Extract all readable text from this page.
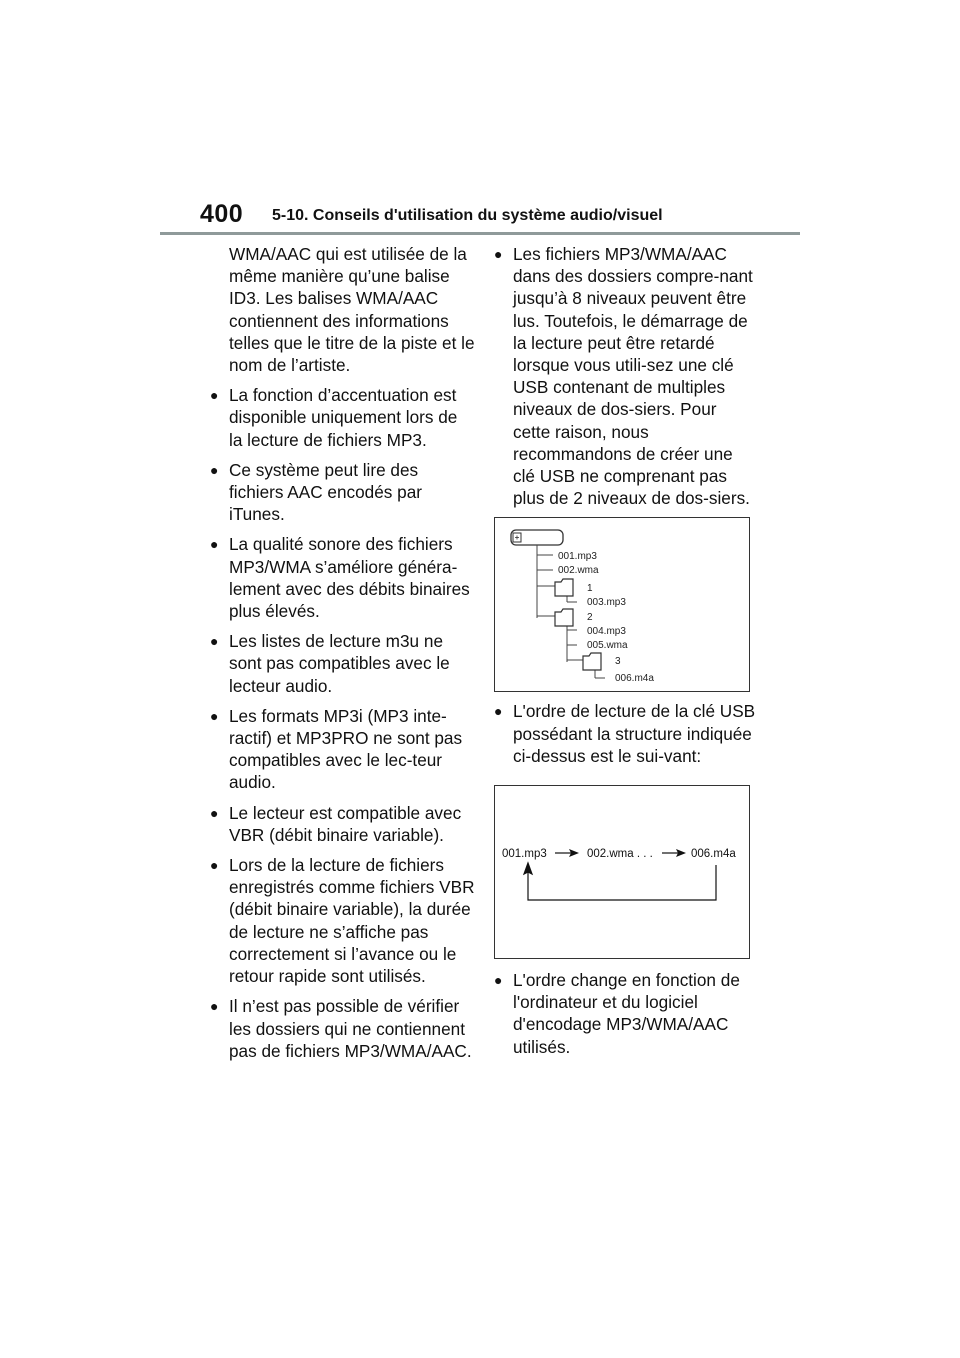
400 5-10. Conseils d'utilisation du système audio/visuel

WMA/AAC qui est utilisée de la même manière qu’une balise ID3. Les balises WMA/AAC contiennent des informations telles que le titre de la piste et le nom de l’artiste.

● La fonction d’accentuation est disponible uniquement lors de la lecture de fichiers MP3.
● Ce système peut lire des fichiers AAC encodés par iTunes.
● La qualité sonore des fichiers MP3/WMA s’améliore généra-lement avec des débits binaires plus élevés.
● Les listes de lecture m3u ne sont pas compatibles avec le lecteur audio.
● Les formats MP3i (MP3 inte-ractif) et MP3PRO ne sont pas compatibles avec le lec-teur audio.
● Le lecteur est compatible avec VBR (débit binaire variable).
● Lors de la lecture de fichiers enregistrés comme fichiers VBR (débit binaire variable), la durée de lecture ne s’affiche pas correctement si l’avance ou le retour rapide sont utilisés.
● Il n’est pas possible de vérifier les dossiers qui ne contiennent pas de fichiers MP3/WMA/AAC.
● Les fichiers MP3/WMA/AAC dans des dossiers compre-nant jusqu’à 8 niveaux peuvent être lus. Toutefois, le démarrage de la lecture peut être retardé lorsque vous utili-sez une clé USB contenant de multiples niveaux de dos-siers. Pour cette raison, nous recommandons de créer une clé USB ne comprenant pas plus de 2 niveaux de dos-siers.
001.mp3
002.wma
1
003.mp3
2
004.mp3
005.wma
3
006.m4a
● L'ordre de lecture de la clé USB possédant la structure indiquée ci-dessus est le sui-vant:
001.mp3	002.wma . . .	006.m4a
● L'ordre change en fonction de l'ordinateur et du logiciel d'encodage MP3/WMA/AAC utilisés.
